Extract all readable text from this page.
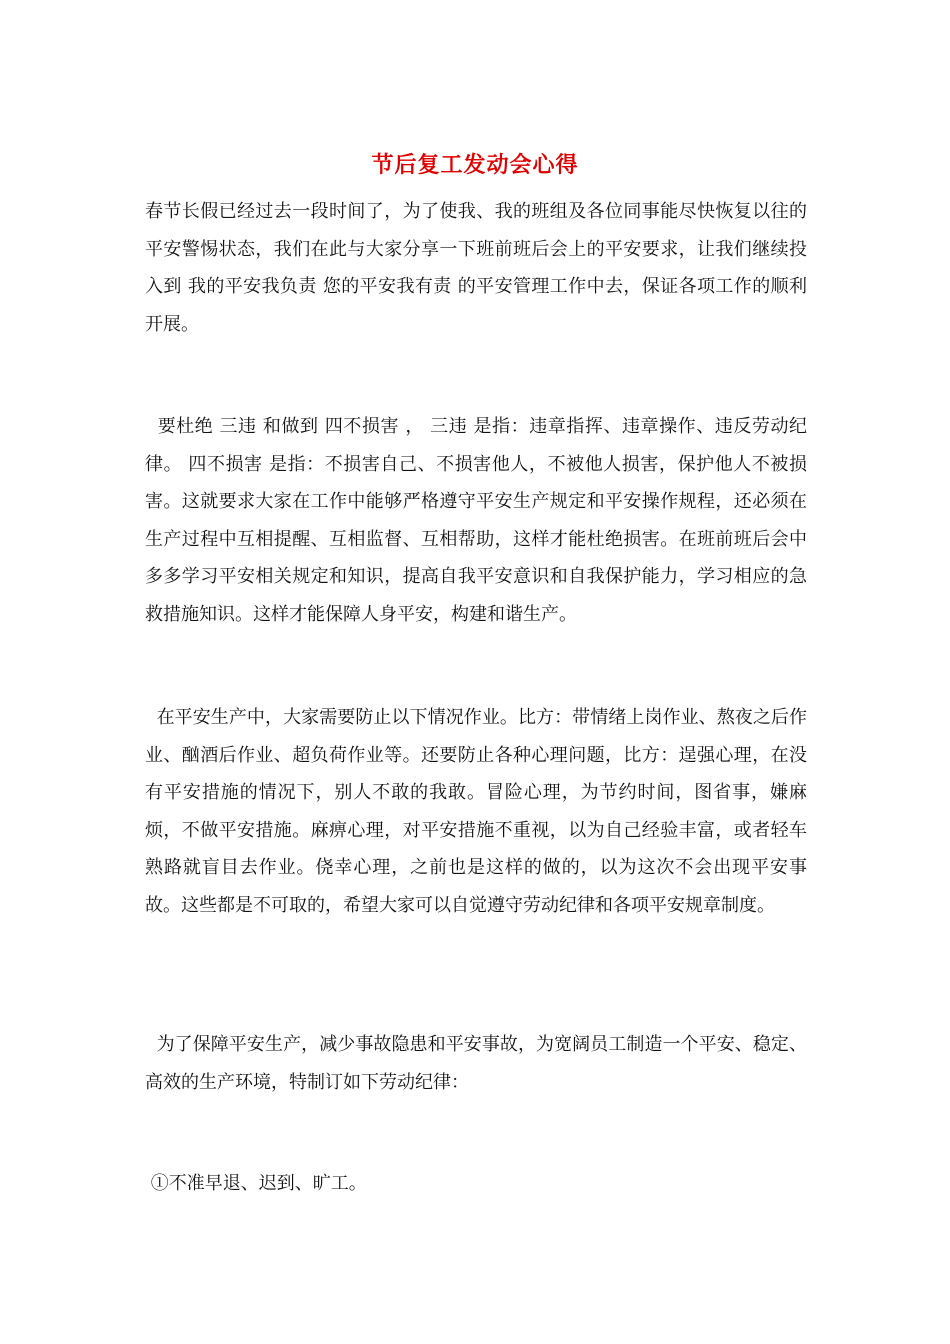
节后复工发动会心得

春节长假已经过去一段时间了，为了使我、我的班组及各位同事能尽快恢复以往的平安警惕状态，我们在此与大家分享一下班前班后会上的平安要求，让我们继续投入到 我的平安我负责 您的平安我有责 的平安管理工作中去，保证各项工作的顺利开展。

要杜绝 三违 和做到 四不损害 ， 三违 是指：违章指挥、违章操作、违反劳动纪律。 四不损害 是指：不损害自己、不损害他人，不被他人损害，保护他人不被损害。这就要求大家在工作中能够严格遵守平安生产规定和平安操作规程，还必须在生产过程中互相提醒、互相监督、互相帮助，这样才能杜绝损害。在班前班后会中多多学习平安相关规定和知识，提高自我平安意识和自我保护能力，学习相应的急救措施知识。这样才能保障人身平安，构建和谐生产。

在平安生产中，大家需要防止以下情况作业。比方：带情绪上岗作业、熬夜之后作业、酗酒后作业、超负荷作业等。还要防止各种心理问题，比方：逞强心理，在没有平安措施的情况下，别人不敢的我敢。冒险心理，为节约时间，图省事，嫌麻烦，不做平安措施。麻痹心理，对平安措施不重视，以为自己经验丰富，或者轻车熟路就盲目去作业。侥幸心理，之前也是这样的做的，以为这次不会出现平安事故。这些都是不可取的，希望大家可以自觉遵守劳动纪律和各项平安规章制度。

为了保障平安生产，减少事故隐患和平安事故，为宽阔员工制造一个平安、稳定、高效的生产环境，特制订如下劳动纪律：

①不准早退、迟到、旷工。
